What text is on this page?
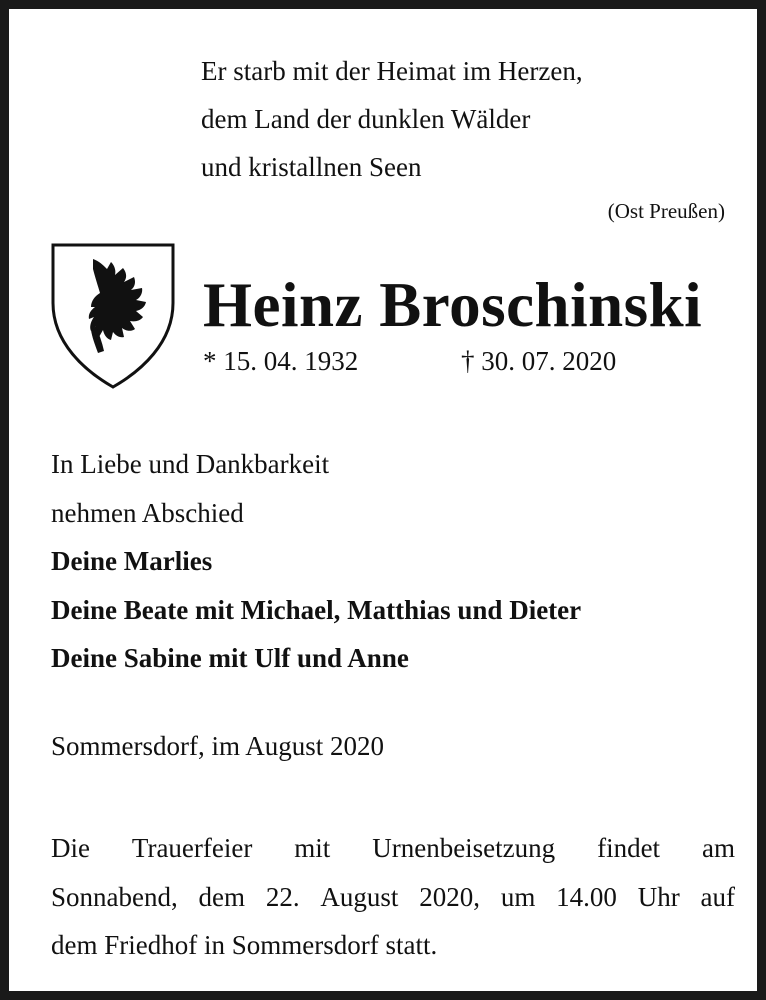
Er starb mit der Heimat im Herzen,
dem Land der dunklen Wälder
und kristallnen Seen
(Ost Preußen)
Heinz Broschinski
* 15. 04. 1932	† 30. 07. 2020
In Liebe und Dankbarkeit
nehmen Abschied
Deine Marlies
Deine Beate mit Michael, Matthias und Dieter
Deine Sabine mit Ulf und Anne
Sommersdorf, im August 2020
Die Trauerfeier mit Urnenbeisetzung findet am
Sonnabend, dem 22. August 2020, um 14.00 Uhr auf
dem Friedhof in Sommersdorf statt.
